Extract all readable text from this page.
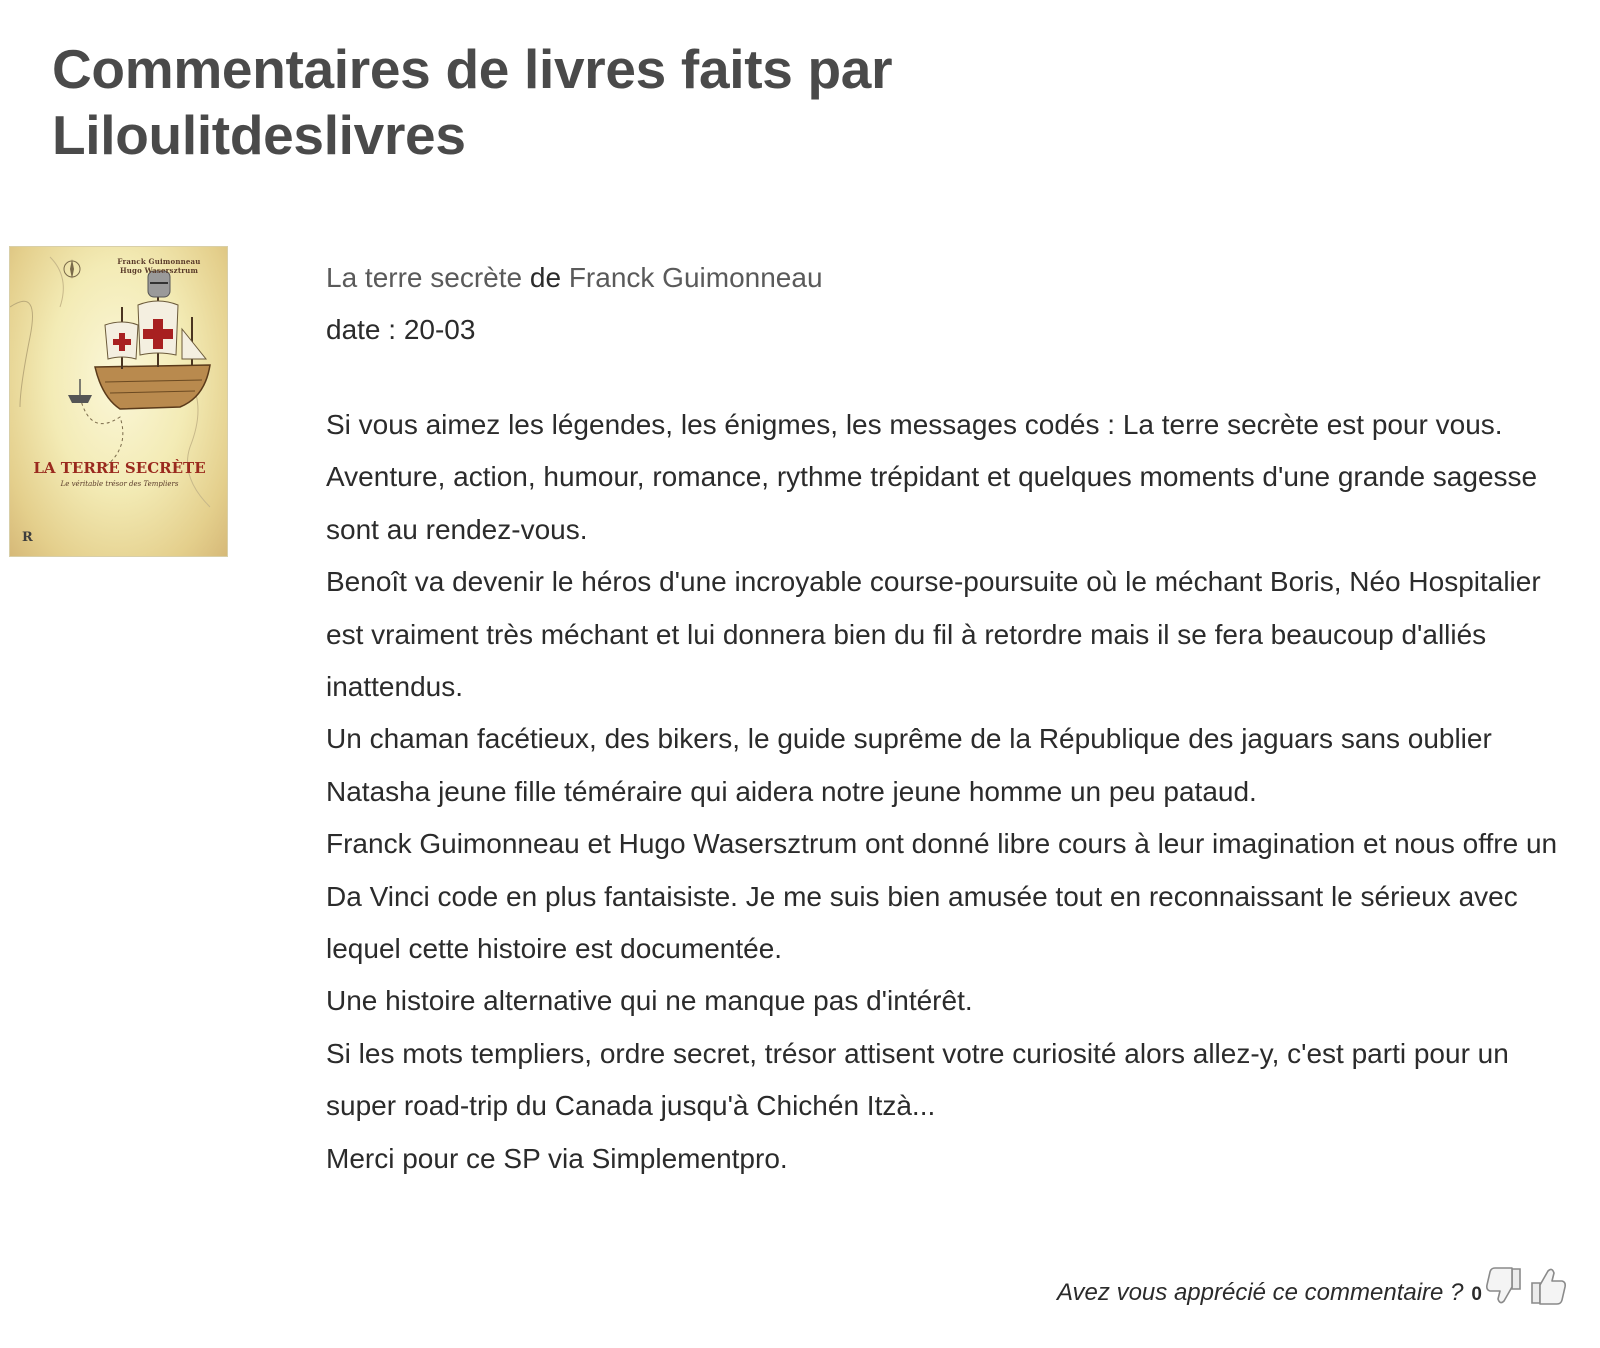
Commentaires de livres faits par Liloulitdeslivres
Franck Guimonneau
Hugo Wasersztrum
LA TERRE SECRÈTE
Le véritable trésor des Templiers
R
La terre secrète de Franck Guimonneau
date : 20-03

Si vous aimez les légendes, les énigmes, les messages codés : La terre secrète est pour vous.

Aventure, action, humour, romance, rythme trépidant et quelques moments d'une grande sagesse sont au rendez-vous.

Benoît va devenir le héros d'une incroyable course-poursuite où le méchant Boris, Néo Hospitalier est vraiment très méchant et lui donnera bien du fil à retordre mais il se fera beaucoup d'alliés inattendus.

Un chaman facétieux, des bikers, le guide suprême de la République des jaguars sans oublier Natasha jeune fille téméraire qui aidera notre jeune homme un peu pataud.

Franck Guimonneau et Hugo Wasersztrum ont donné libre cours à leur imagination et nous offre un Da Vinci code en plus fantaisiste. Je me suis bien amusée tout en reconnaissant le sérieux avec lequel cette histoire est documentée.

Une histoire alternative qui ne manque pas d'intérêt.

Si les mots templiers, ordre secret, trésor attisent votre curiosité alors allez-y, c'est parti pour un super road-trip du Canada jusqu'à Chichén Itzà...

Merci pour ce SP via Simplementpro.

Avez vous apprécié ce commentaire ? 0
